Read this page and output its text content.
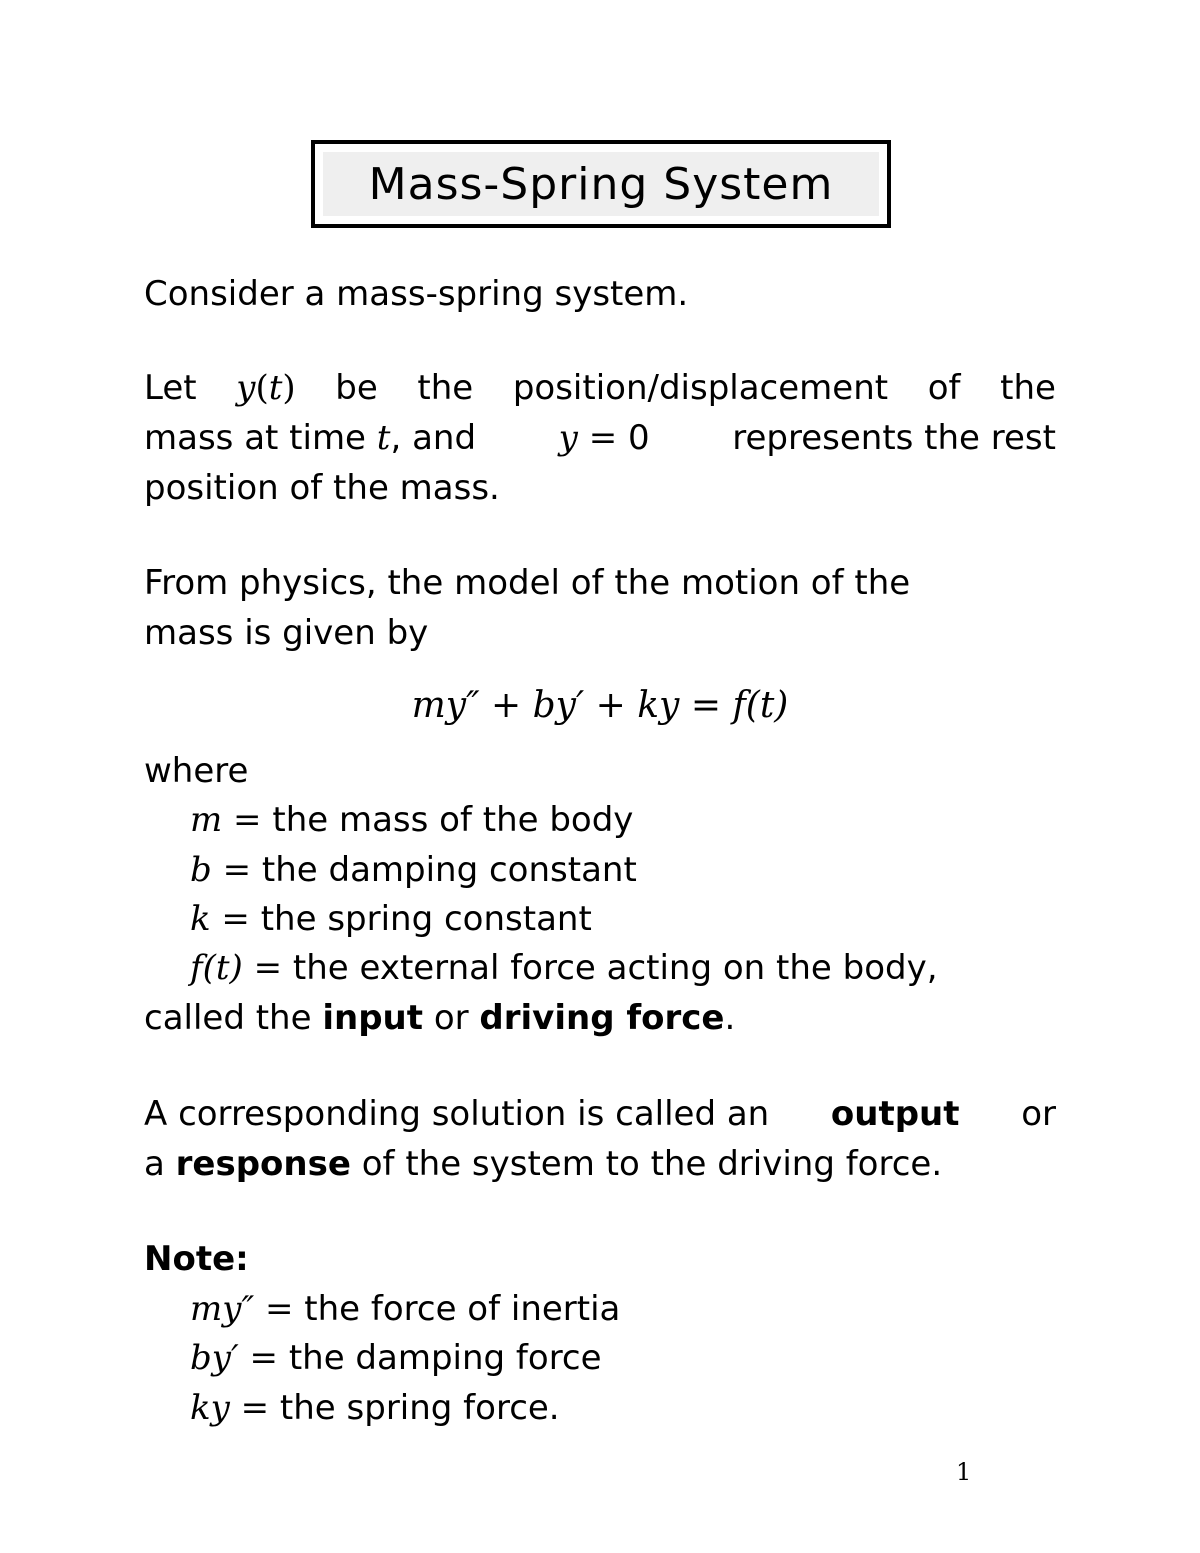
Mass-Spring System
Consider a mass-spring system.
Let y(t) be the position/displacement of the
mass at time t, and y = 0 represents the rest
position of the mass.
From physics, the model of the motion of the
mass is given by
my″ + by′ + ky = f(t)
where
m = the mass of the body
b = the damping constant
k = the spring constant
f(t) = the external force acting on the body,
called the input or driving force.
A corresponding solution is called an output or
a response of the system to the driving force.
Note:
my″ = the force of inertia
by′ = the damping force
ky = the spring force.
1
